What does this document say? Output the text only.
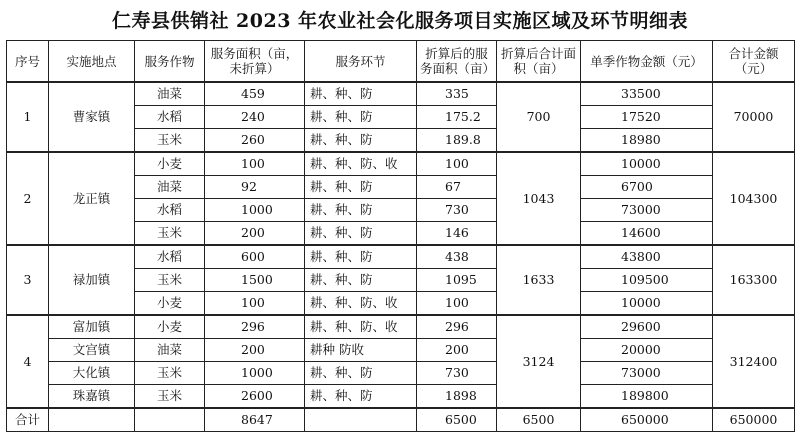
仁寿县供销社 2023 年农业社会化服务项目实施区域及环节明细表
序号	实施地点	服务作物	服务面积（亩，未折算）	服务环节	折算后的服务面积（亩）	折算后合计面积（亩）	单季作物金额（元）	合计金额（元）
1	曹家镇	油菜	459	耕、种、防	335	700	33500	70000
		水稻	240	耕、种、防	175.2		17520	
		玉米	260	耕、种、防	189.8		18980	
2	龙正镇	小麦	100	耕、种、防、收	100	1043	10000	104300
		油菜	92	耕、种、防	67		6700	
		水稻	1000	耕、种、防	730		73000	
		玉米	200	耕、种、防	146		14600	
3	禄加镇	水稻	600	耕、种、防	438	1633	43800	163300
		玉米	1500	耕、种、防	1095		109500	
		小麦	100	耕、种、防、收	100		10000	
4	富加镇	小麦	296	耕、种、防、收	296	3124	29600	312400
	文宫镇	油菜	200	耕种 防收	200		20000	
	大化镇	玉米	1000	耕、种、防	730		73000	
	珠嘉镇	玉米	2600	耕、种、防	1898		189800	
合计			8647		6500	6500	650000	650000
